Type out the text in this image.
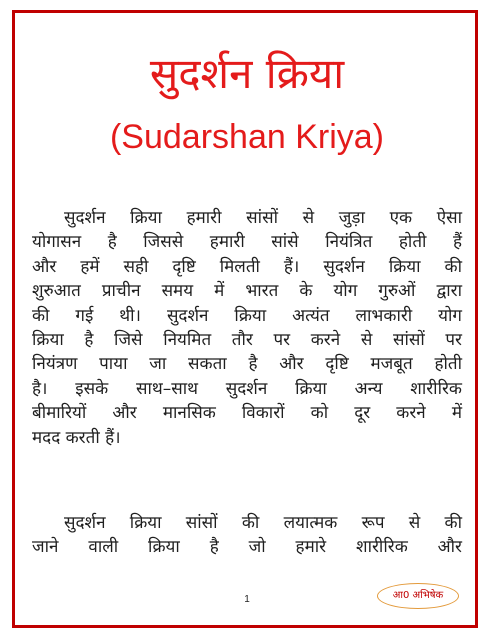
सुदर्शन क्रिया
(Sudarshan Kriya)
सुदर्शन क्रिया हमारी सांसों से जुड़ा एक ऐसा
योगासन है जिससे हमारी सांसे नियंत्रित होती हैं
और हमें सही दृष्टि मिलती हैं। सुदर्शन क्रिया की
शुरुआत प्राचीन समय में भारत के योग गुरुओं द्वारा
की गई थी। सुदर्शन क्रिया अत्यंत लाभकारी योग
क्रिया है जिसे नियमित तौर पर करने से सांसों पर
नियंत्रण पाया जा सकता है और दृष्टि मजबूत होती
है। इसके साथ–साथ सुदर्शन क्रिया अन्य शारीरिक
बीमारियों और मानसिक विकारों को दूर करने में
मदद करती हैं।
सुदर्शन क्रिया सांसों की लयात्मक रूप से की
जाने वाली क्रिया है जो हमारे शारीरिक और
1	आ0 अभिषेक
